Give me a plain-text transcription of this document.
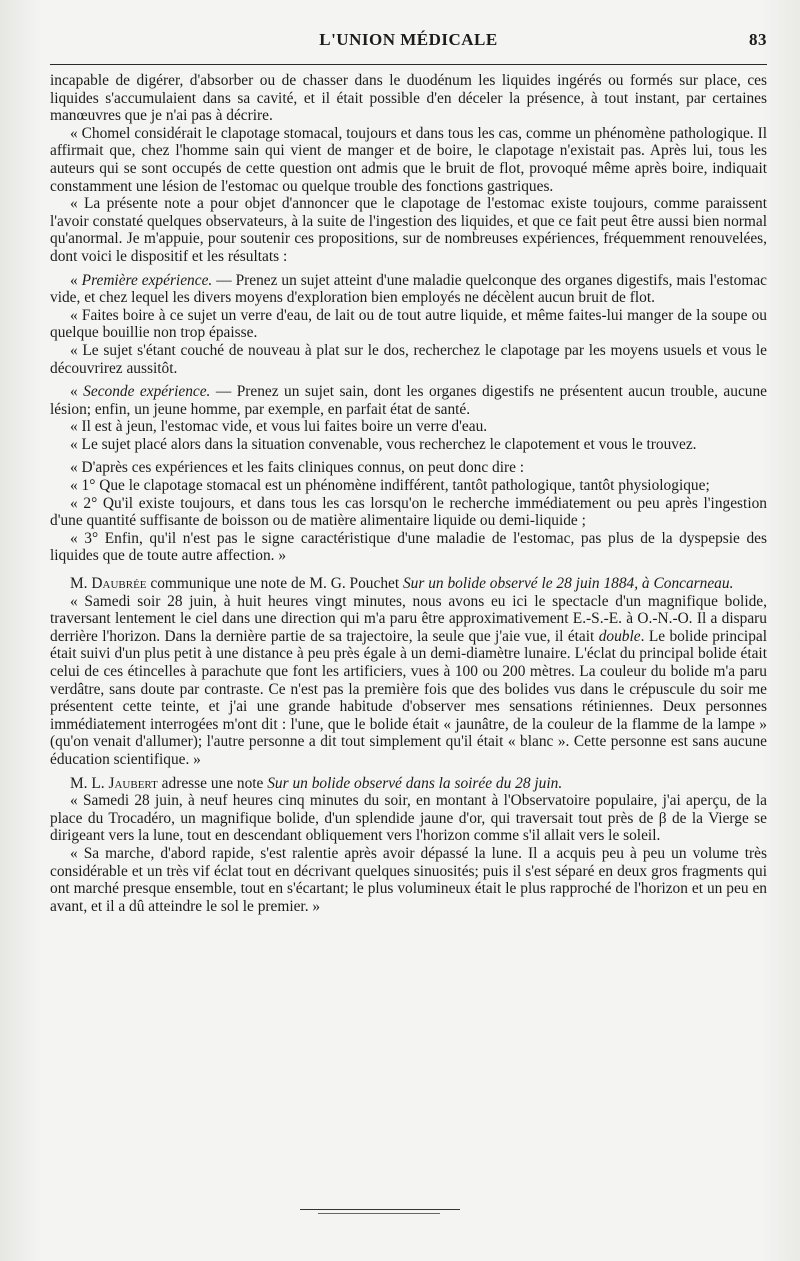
L'UNION MÉDICALE	83

incapable de digérer, d'absorber ou de chasser dans le duodénum les liquides ingérés ou formés sur place, ces liquides s'accumulaient dans sa cavité, et il était possible d'en déceler la présence, à tout instant, par certaines manœuvres que je n'ai pas à décrire.

« Chomel considérait le clapotage stomacal, toujours et dans tous les cas, comme un phénomène pathologique. Il affirmait que, chez l'homme sain qui vient de manger et de boire, le clapotage n'existait pas. Après lui, tous les auteurs qui se sont occupés de cette question ont admis que le bruit de flot, provoqué même après boire, indiquait constamment une lésion de l'estomac ou quelque trouble des fonctions gastriques.

« La présente note a pour objet d'annoncer que le clapotage de l'estomac existe toujours, comme paraissent l'avoir constaté quelques observateurs, à la suite de l'ingestion des liquides, et que ce fait peut être aussi bien normal qu'anormal. Je m'appuie, pour soutenir ces propositions, sur de nombreuses expériences, fréquemment renouvelées, dont voici le dispositif et les résultats :

« Première expérience. — Prenez un sujet atteint d'une maladie quelconque des organes digestifs, mais l'estomac vide, et chez lequel les divers moyens d'exploration bien employés ne décèlent aucun bruit de flot.

« Faites boire à ce sujet un verre d'eau, de lait ou de tout autre liquide, et même faites-lui manger de la soupe ou quelque bouillie non trop épaisse.

« Le sujet s'étant couché de nouveau à plat sur le dos, recherchez le clapotage par les moyens usuels et vous le découvrirez aussitôt.

« Seconde expérience. — Prenez un sujet sain, dont les organes digestifs ne présentent aucun trouble, aucune lésion; enfin, un jeune homme, par exemple, en parfait état de santé.

« Il est à jeun, l'estomac vide, et vous lui faites boire un verre d'eau.

« Le sujet placé alors dans la situation convenable, vous recherchez le clapotement et vous le trouvez.

« D'après ces expériences et les faits cliniques connus, on peut donc dire :

« 1° Que le clapotage stomacal est un phénomène indifférent, tantôt pathologique, tantôt physiologique;

« 2° Qu'il existe toujours, et dans tous les cas lorsqu'on le recherche immédiatement ou peu après l'ingestion d'une quantité suffisante de boisson ou de matière alimentaire liquide ou demi-liquide ;

« 3° Enfin, qu'il n'est pas le signe caractéristique d'une maladie de l'estomac, pas plus de la dyspepsie des liquides que de toute autre affection. »

M. Daubrée communique une note de M. G. Pouchet Sur un bolide observé le 28 juin 1884, à Concarneau.

« Samedi soir 28 juin, à huit heures vingt minutes, nous avons eu ici le spectacle d'un magnifique bolide, traversant lentement le ciel dans une direction qui m'a paru être approximativement E.-S.-E. à O.-N.-O. Il a disparu derrière l'horizon. Dans la dernière partie de sa trajectoire, la seule que j'aie vue, il était double. Le bolide principal était suivi d'un plus petit à une distance à peu près égale à un demi-diamètre lunaire. L'éclat du principal bolide était celui de ces étincelles à parachute que font les artificiers, vues à 100 ou 200 mètres. La couleur du bolide m'a paru verdâtre, sans doute par contraste. Ce n'est pas la première fois que des bolides vus dans le crépuscule du soir me présentent cette teinte, et j'ai une grande habitude d'observer mes sensations rétiniennes. Deux personnes immédiatement interrogées m'ont dit : l'une, que le bolide était « jaunâtre, de la couleur de la flamme de la lampe » (qu'on venait d'allumer); l'autre personne a dit tout simplement qu'il était « blanc ». Cette personne est sans aucune éducation scientifique. »

M. L. Jaubert adresse une note Sur un bolide observé dans la soirée du 28 juin.

« Samedi 28 juin, à neuf heures cinq minutes du soir, en montant à l'Observatoire populaire, j'ai aperçu, de la place du Trocadéro, un magnifique bolide, d'un splendide jaune d'or, qui traversait tout près de β de la Vierge se dirigeant vers la lune, tout en descendant obliquement vers l'horizon comme s'il allait vers le soleil.

« Sa marche, d'abord rapide, s'est ralentie après avoir dépassé la lune. Il a acquis peu à peu un volume très considérable et un très vif éclat tout en décrivant quelques sinuosités; puis il s'est séparé en deux gros fragments qui ont marché presque ensemble, tout en s'écartant; le plus volumineux était le plus rapproché de l'horizon et un peu en avant, et il a dû atteindre le sol le premier. »
